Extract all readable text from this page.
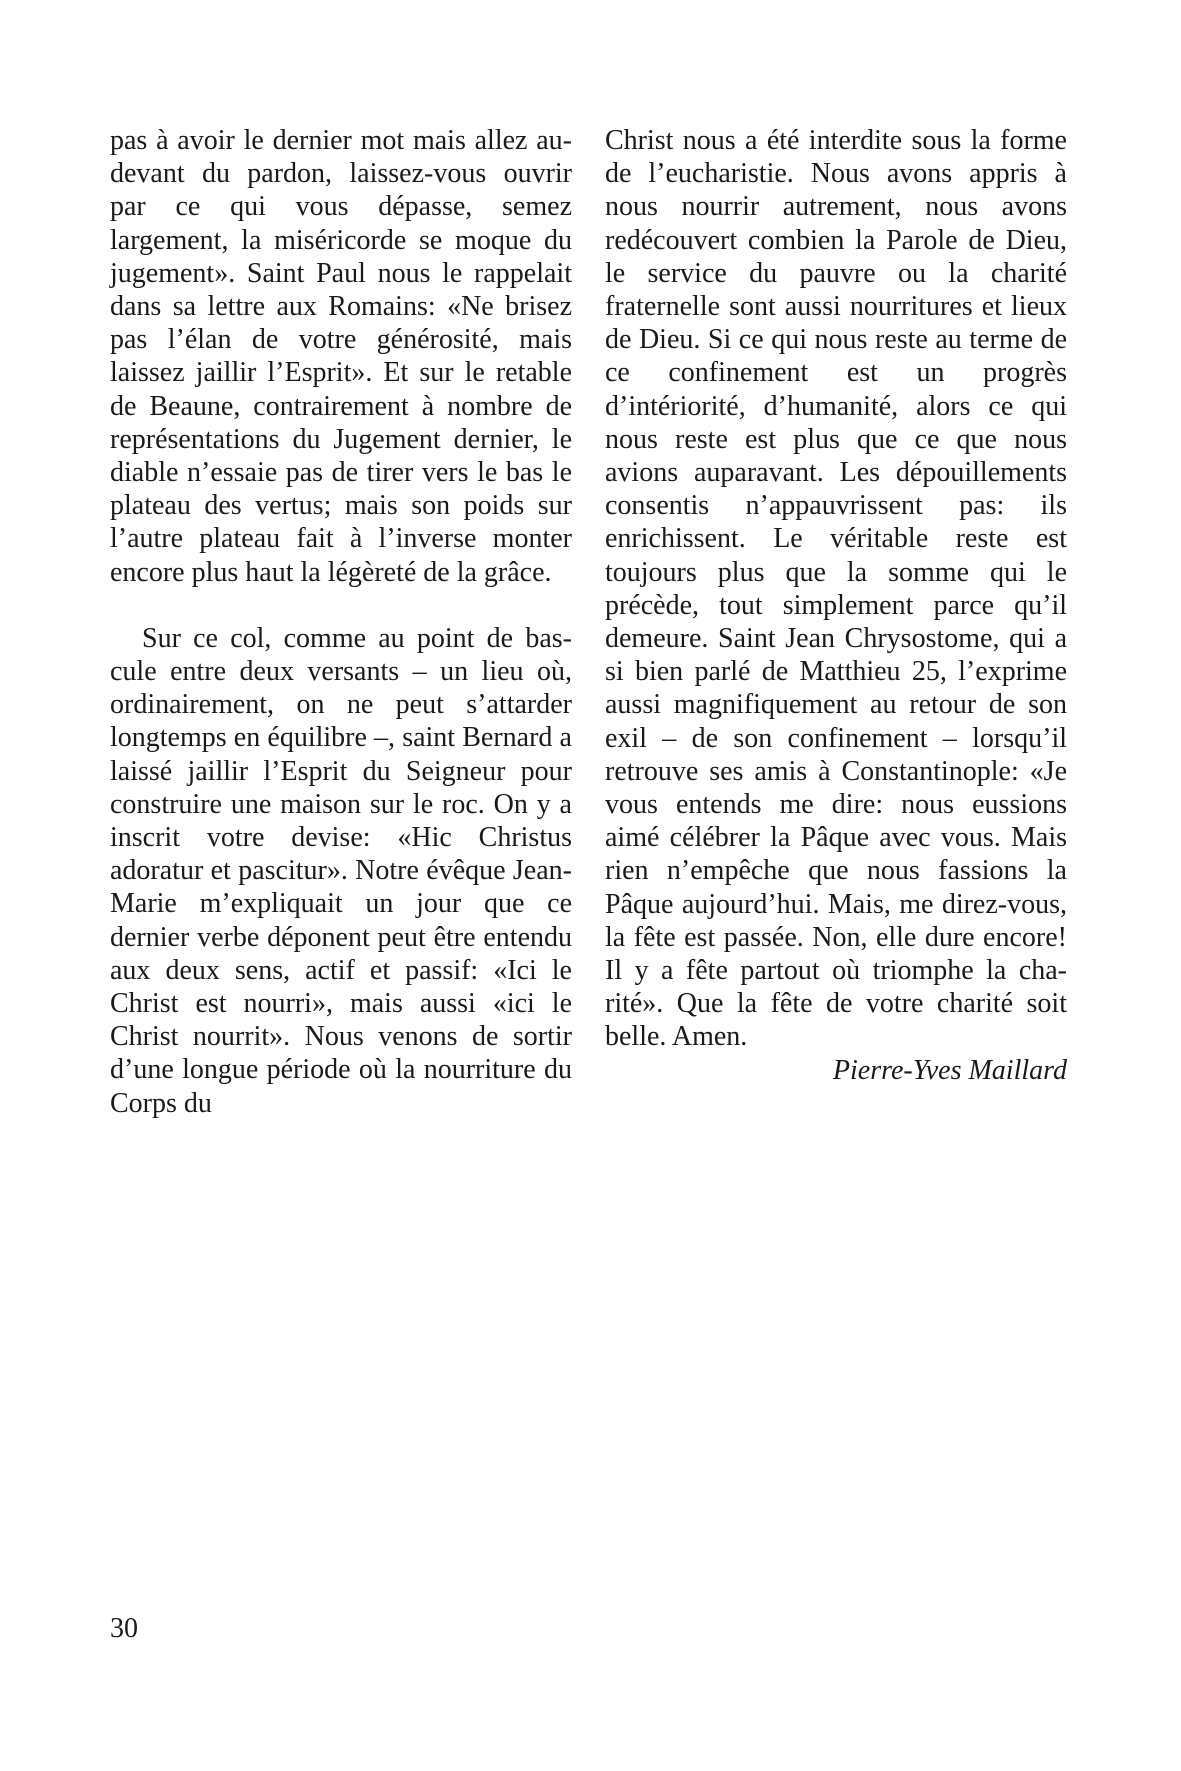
pas à avoir le dernier mot mais allez au-devant du pardon, laissez-vous ouvrir par ce qui vous dépasse, semez largement, la miséricorde se moque du jugement». Saint Paul nous le rappelait dans sa lettre aux Romains: «Ne brisez pas l’élan de votre générosité, mais laissez jaillir l’Esprit». Et sur le retable de Beaune, contrairement à nombre de représentations du Jugement dernier, le diable n’essaie pas de tirer vers le bas le plateau des vertus; mais son poids sur l’autre plateau fait à l’inverse monter encore plus haut la légèreté de la grâce.

Sur ce col, comme au point de bascule entre deux versants – un lieu où, ordinairement, on ne peut s’attarder longtemps en équilibre –, saint Bernard a laissé jaillir l’Esprit du Seigneur pour construire une maison sur le roc. On y a inscrit votre devise: «Hic Christus adoratur et pascitur». Notre évêque Jean-Marie m’expliquait un jour que ce dernier verbe déponent peut être entendu aux deux sens, actif et passif: «Ici le Christ est nourri», mais aussi «ici le Christ nourrit». Nous venons de sortir d’une longue période où la nourriture du Corps du

Christ nous a été interdite sous la forme de l’eucharistie. Nous avons appris à nous nourrir autrement, nous avons redécouvert combien la Parole de Dieu, le service du pauvre ou la charité fraternelle sont aussi nourritures et lieux de Dieu. Si ce qui nous reste au terme de ce confinement est un progrès d’intériorité, d’humanité, alors ce qui nous reste est plus que ce que nous avions auparavant. Les dépouillements consentis n’appauvrissent pas: ils enrichissent. Le véritable reste est toujours plus que la somme qui le précède, tout simplement parce qu’il demeure. Saint Jean Chrysostome, qui a si bien parlé de Matthieu 25, l’exprime aussi magnifiquement au retour de son exil – de son confinement – lorsqu’il retrouve ses amis à Constantinople: «Je vous entends me dire: nous eussions aimé célébrer la Pâque avec vous. Mais rien n’empêche que nous fassions la Pâque aujourd’hui. Mais, me direz-vous, la fête est passée. Non, elle dure encore! Il y a fête partout où triomphe la charité». Que la fête de votre charité soit belle. Amen.

Pierre-Yves Maillard

30
